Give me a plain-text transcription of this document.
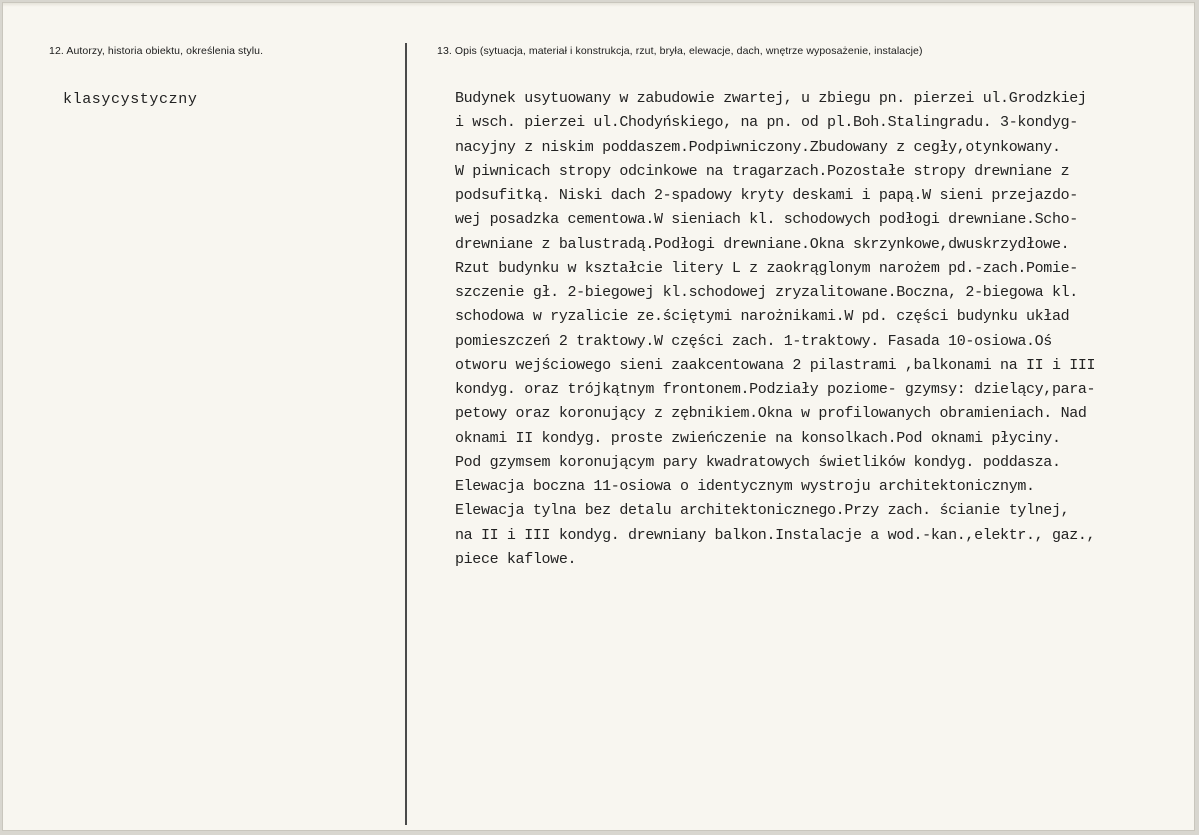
12. Autorzy, historia obiektu, określenia stylu.
klasycystyczny
13. Opis (sytuacja, materiał i konstrukcja, rzut, bryła, elewacje, dach, wnętrze wyposażenie, instalacje)
Budynek usytuowany w zabudowie zwartej, u zbiegu pn. pierzei ul.Grodzkiej
i wsch. pierzei ul.Chodyńskiego, na pn. od pl.Boh.Stalingradu. 3-kondyg-
nacyjny z niskim poddaszem.Podpiwniczony.Zbudowany z cegły,otynkowany.
W piwnicach stropy odcinkowe na tragarzach.Pozostałe stropy drewniane z
podsufitką. Niski dach 2-spadowy kryty deskami i papą.W sieni przejazdo-
wej posadzka cementowa.W sieniach kl. schodowych podłogi drewniane.Scho-
drewniane z balustradą.Podłogi drewniane.Okna skrzynkowe,dwuskrzydłowe.
Rzut budynku w kształcie litery L z zaokrąglonym narożem pd.-zach.Pomie-
szczenie gł. 2-biegowej kl.schodowej zryzalitowane.Boczna, 2-biegowa kl.
schodowa w ryzalicie ze.ściętymi narożnikami.W pd. części budynku układ
pomieszczeń 2 traktowy.W części zach. 1-traktowy. Fasada 10-osiowa.Oś
otworu wejściowego sieni zaakcentowana 2 pilastrami ,balkonami na II i III
kondyg. oraz trójkątnym frontonem.Podziały poziome- gzymsy: dzielący,para-
petowy oraz koronujący z zębnikiem.Okna w profilowanych obramieniach. Nad
oknami II kondyg. proste zwieńczenie na konsolkach.Pod oknami płyciny.
Pod gzymsem koronującym pary kwadratowych świetlików kondyg. poddasza.
Elewacja boczna 11-osiowa o identycznym wystroju architektonicznym.
Elewacja tylna bez detalu architektonicznego.Przy zach. ścianie tylnej,
na II i III kondyg. drewniany balkon.Instalacje a wod.-kan.,elektr., gaz.,
piece kaflowe.
